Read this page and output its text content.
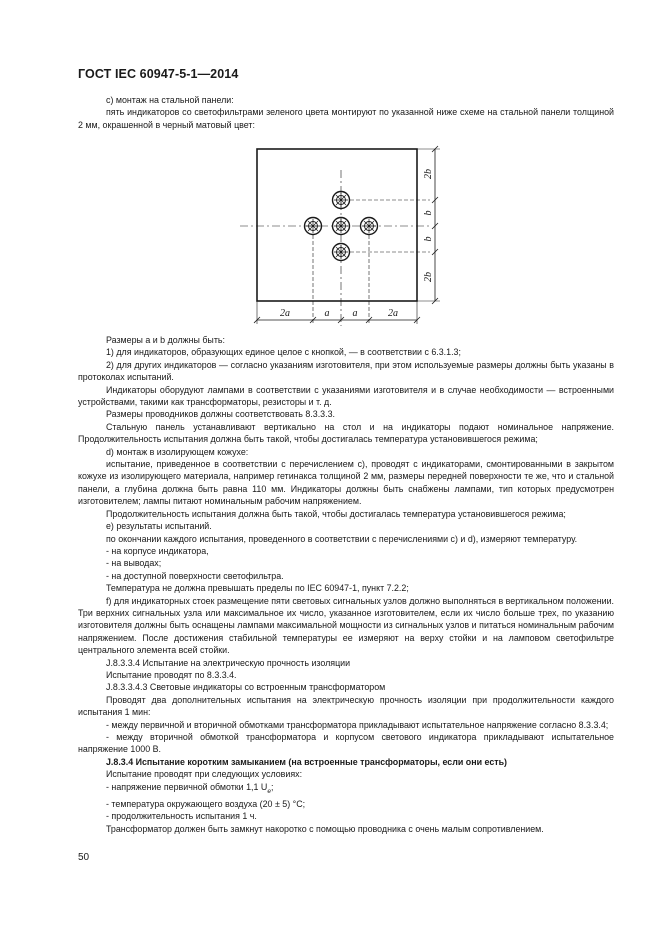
ГОСТ IEC 60947-5-1—2014

с) монтаж на стальной панели:

пять индикаторов со светофильтрами зеленого цвета монтируют по указанной ниже схеме на стальной панели толщиной 2 мм, окрашенной в черный матовый цвет:

2b
b
b
2b
2a	a a	2a

Размеры a и b должны быть:

1) для индикаторов, образующих единое целое с кнопкой, — в соответствии с 6.3.1.3;

2) для других индикаторов — согласно указаниям изготовителя, при этом используемые размеры должны быть указаны в протоколах испытаний.

Индикаторы оборудуют лампами в соответствии с указаниями изготовителя и в случае необходимости — встроенными устройствами, такими как трансформаторы, резисторы и т. д.

Размеры проводников должны соответствовать 8.3.3.3.

Стальную панель устанавливают вертикально на стол и на индикаторы подают номинальное напряжение. Продолжительность испытания должна быть такой, чтобы достигалась температура установившегося режима;

d) монтаж в изолирующем кожухе:

испытание, приведенное в соответствии с перечислением с), проводят с индикаторами, смонтированными в закрытом кожухе из изолирующего материала, например гетинакса толщиной 2 мм, размеры передней поверхности те же, что и стальной панели, а глубина должна быть равна 110 мм. Индикаторы должны быть снабжены лампами, тип которых предусмотрен изготовителем; лампы питают номинальным рабочим напряжением.

Продолжительность испытания должна быть такой, чтобы достигалась температура установившегося режима;

е) результаты испытаний.

по окончании каждого испытания, проведенного в соответствии с перечислениями с) и d), измеряют температуру.

- на корпусе индикатора,

- на выводах;

- на доступной поверхности светофильтра.

Температура не должна превышать пределы по IEC 60947-1, пункт 7.2.2;

f) для индикаторных стоек размещение пяти световых сигнальных узлов должно выполняться в вертикальном положении. Три верхних сигнальных узла или максимальное их число, указанное изготовителем, если их число больше трех, по указанию изготовителя должны быть оснащены лампами максимальной мощности из сигнальных узлов и питаться номинальным рабочим напряжением. После достижения стабильной температуры ее измеряют на верху стойки и на ламповом светофильтре центрального элемента всей стойки.

J.8.3.3.4 Испытание на электрическую прочность изоляции

Испытание проводят по 8.3.3.4.

J.8.3.3.4.3 Световые индикаторы со встроенным трансформатором

Проводят два дополнительных испытания на электрическую прочность изоляции при продолжительности каждого испытания 1 мин:

- между первичной и вторичной обмотками трансформатора прикладывают испытательное напряжение согласно 8.3.3.4;

- между вторичной обмоткой трансформатора и корпусом светового индикатора прикладывают испытательное напряжение 1000 В.

J.8.3.4 Испытание коротким замыканием (на встроенные трансформаторы, если они есть)

Испытание проводят при следующих условиях:

- напряжение первичной обмотки 1,1 $U_e$;

- температура окружающего воздуха (20 ± 5) °С;

- продолжительность испытания 1 ч.

Трансформатор должен быть замкнут накоротко с помощью проводника с очень малым сопротивлением.

50
